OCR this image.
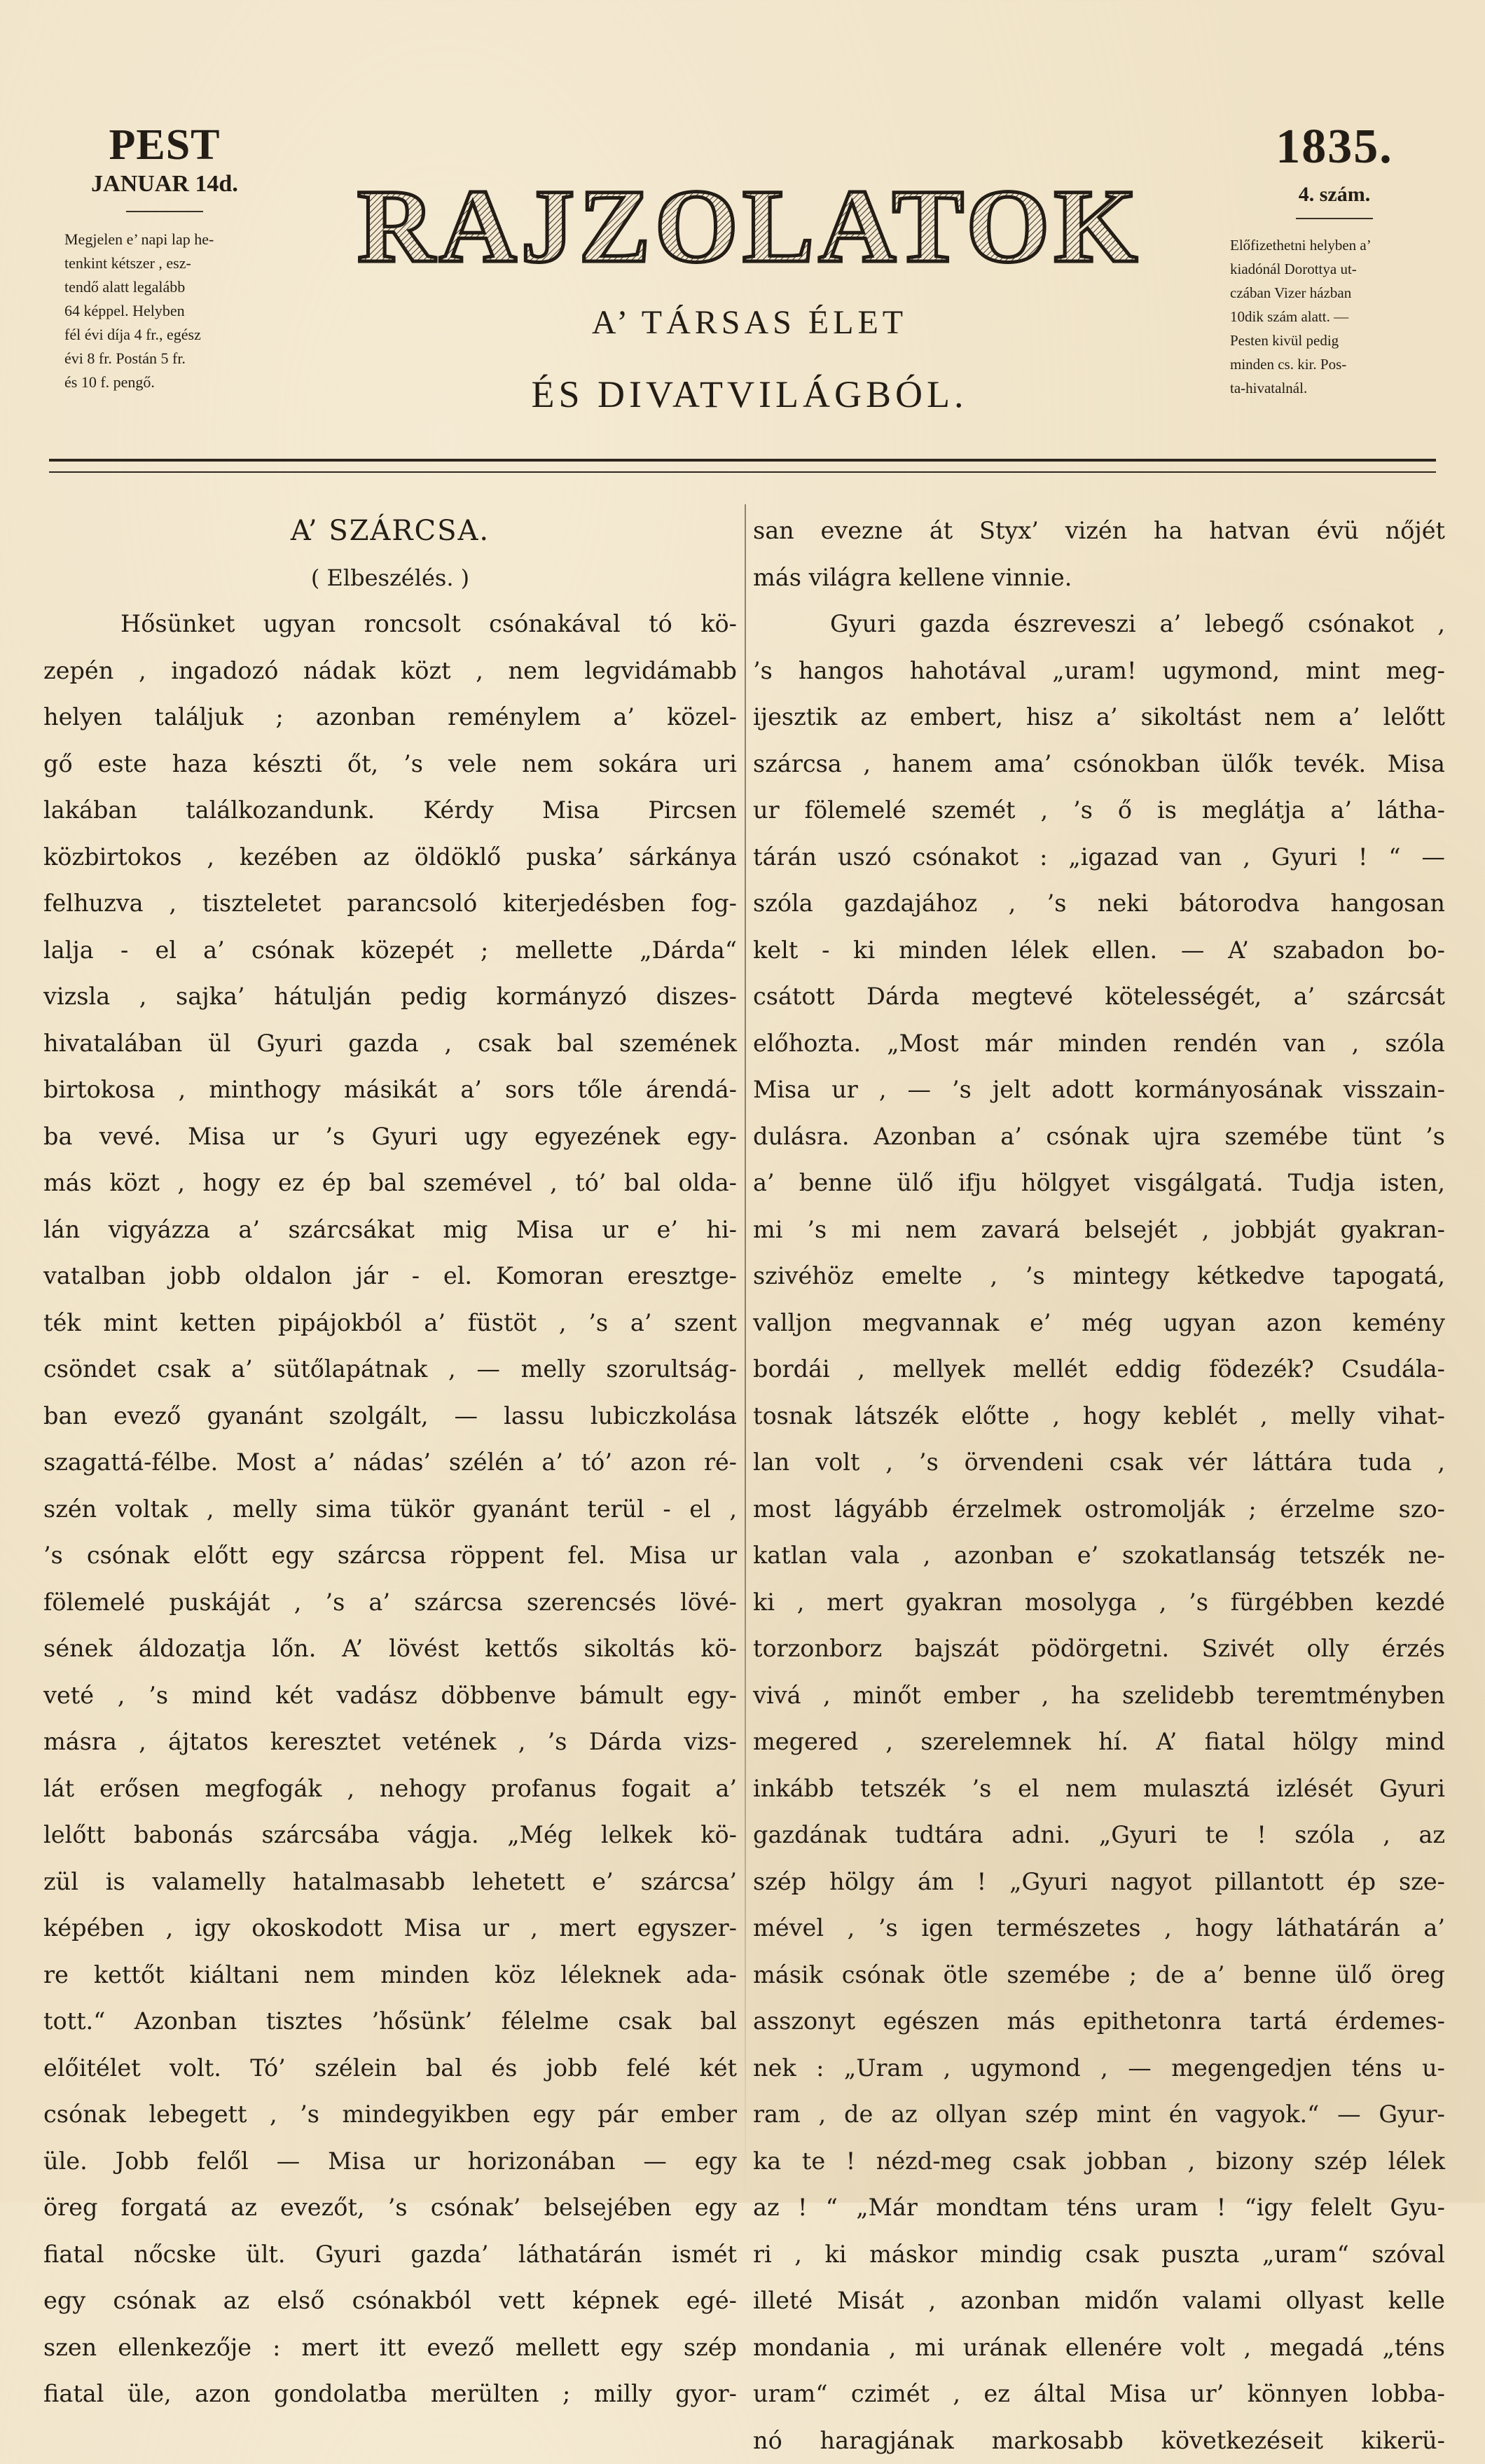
PEST
JANUAR 14d.
Megjelen e’ napi lap he-
tenkint kétszer , esz-
tendő alatt legalább
64 képpel. Helyben
fél évi díja 4 fr., egész
évi 8 fr. Postán 5 fr.
és 10 f. pengő.
RAJZOLATOK
A’ TÁRSAS ÉLET
ÉS DIVATVILÁGBÓL.
1835.
4. szám.
Előfizethetni helyben a’
kiadónál Dorottya ut-
czában Vizer házban
10dik szám alatt. —
Pesten kivül pedig
minden cs. kir. Pos-
ta-hivatalnál.
A’ SZÁRCSA.
( Elbeszélés. )
Hősünket ugyan roncsolt csónakával tó kö-
zepén , ingadozó nádak közt , nem legvidámabb
helyen találjuk ; azonban reménylem a’ közel-
gő este haza készti őt, ’s vele nem sokára uri
lakában találkozandunk. Kérdy Misa Pircsen
közbirtokos , kezében az öldöklő puska’ sárkánya
felhuzva , tiszteletet parancsoló kiterjedésben fog-
lalja - el a’ csónak közepét ; mellette „Dárda“
vizsla , sajka’ hátulján pedig kormányzó diszes-
hivatalában ül Gyuri gazda , csak bal szemének
birtokosa , minthogy másikát a’ sors tőle árendá-
ba vevé. Misa ur ’s Gyuri ugy egyezének egy-
más közt , hogy ez ép bal szemével , tó’ bal olda-
lán vigyázza a’ szárcsákat mig Misa ur e’ hi-
vatalban jobb oldalon jár - el. Komoran eresztge-
ték mint ketten pipájokból a’ füstöt , ’s a’ szent
csöndet csak a’ sütőlapátnak , — melly szorultság-
ban evező gyanánt szolgált, — lassu lubiczkolása
szagattá-félbe. Most a’ nádas’ szélén a’ tó’ azon ré-
szén voltak , melly sima tükör gyanánt terül - el ,
’s csónak előtt egy szárcsa röppent fel. Misa ur
fölemelé puskáját , ’s a’ szárcsa szerencsés lövé-
sének áldozatja lőn. A’ lövést kettős sikoltás kö-
veté , ’s mind két vadász döbbenve bámult egy-
másra , ájtatos keresztet vetének , ’s Dárda vizs-
lát erősen megfogák , nehogy profanus fogait a’
lelőtt babonás szárcsába vágja. „Még lelkek kö-
zül is valamelly hatalmasabb lehetett e’ szárcsa’
képében , igy okoskodott Misa ur , mert egyszer-
re kettőt kiáltani nem minden köz léleknek ada-
tott.“ Azonban tisztes ’hősünk’ félelme csak bal
előitélet volt. Tó’ szélein bal és jobb felé két
csónak lebegett , ’s mindegyikben egy pár ember
üle. Jobb felől — Misa ur horizonában — egy
öreg forgatá az evezőt, ’s csónak’ belsejében egy
fiatal nőcske ült. Gyuri gazda’ láthatárán ismét
egy csónak az első csónakból vett képnek egé-
szen ellenkezője : mert itt evező mellett egy szép
fiatal üle, azon gondolatba merülten ; milly gyor-
san evezne át Styx’ vizén ha hatvan évü nőjét
más világra kellene vinnie.
Gyuri gazda észreveszi a’ lebegő csónakot ,
’s hangos hahotával „uram! ugymond, mint meg-
ijesztik az embert, hisz a’ sikoltást nem a’ lelőtt
szárcsa , hanem ama’ csónokban ülők tevék. Misa
ur fölemelé szemét , ’s ő is meglátja a’ látha-
tárán uszó csónakot : „igazad van , Gyuri ! “ —
szóla gazdajához , ’s neki bátorodva hangosan
kelt - ki minden lélek ellen. — A’ szabadon bo-
csátott Dárda megtevé kötelességét, a’ szárcsát
előhozta. „Most már minden rendén van , szóla
Misa ur , — ’s jelt adott kormányosának visszain-
dulásra. Azonban a’ csónak ujra szemébe tünt ’s
a’ benne ülő ifju hölgyet visgálgatá. Tudja isten,
mi ’s mi nem zavará belsejét , jobbját gyakran-
szivéhöz emelte , ’s mintegy kétkedve tapogatá,
valljon megvannak e’ még ugyan azon kemény
bordái , mellyek mellét eddig födezék? Csudála-
tosnak látszék előtte , hogy keblét , melly vihat-
lan volt , ’s örvendeni csak vér láttára tuda ,
most lágyább érzelmek ostromolják ; érzelme szo-
katlan vala , azonban e’ szokatlanság tetszék ne-
ki , mert gyakran mosolyga , ’s fürgébben kezdé
torzonborz bajszát pödörgetni. Szivét olly érzés
vivá , minőt ember , ha szelidebb teremtményben
megered , szerelemnek hí. A’ fiatal hölgy mind
inkább tetszék ’s el nem mulasztá izlését Gyuri
gazdának tudtára adni. „Gyuri te ! szóla , az
szép hölgy ám ! „Gyuri nagyot pillantott ép sze-
mével , ’s igen természetes , hogy láthatárán a’
másik csónak ötle szemébe ; de a’ benne ülő öreg
asszonyt egészen más epithetonra tartá érdemes-
nek : „Uram , ugymond , — megengedjen téns u-
ram , de az ollyan szép mint én vagyok.“ — Gyur-
ka te ! nézd-meg csak jobban , bizony szép lélek
az ! “ „Már mondtam téns uram ! “igy felelt Gyu-
ri , ki máskor mindig csak puszta „uram“ szóval
illeté Misát , azonban midőn valami ollyast kelle
mondania , mi urának ellenére volt , megadá „téns
uram“ czimét , ez által Misa ur’ könnyen lobba-
nó haragjának markosabb következéseit kikerü-
